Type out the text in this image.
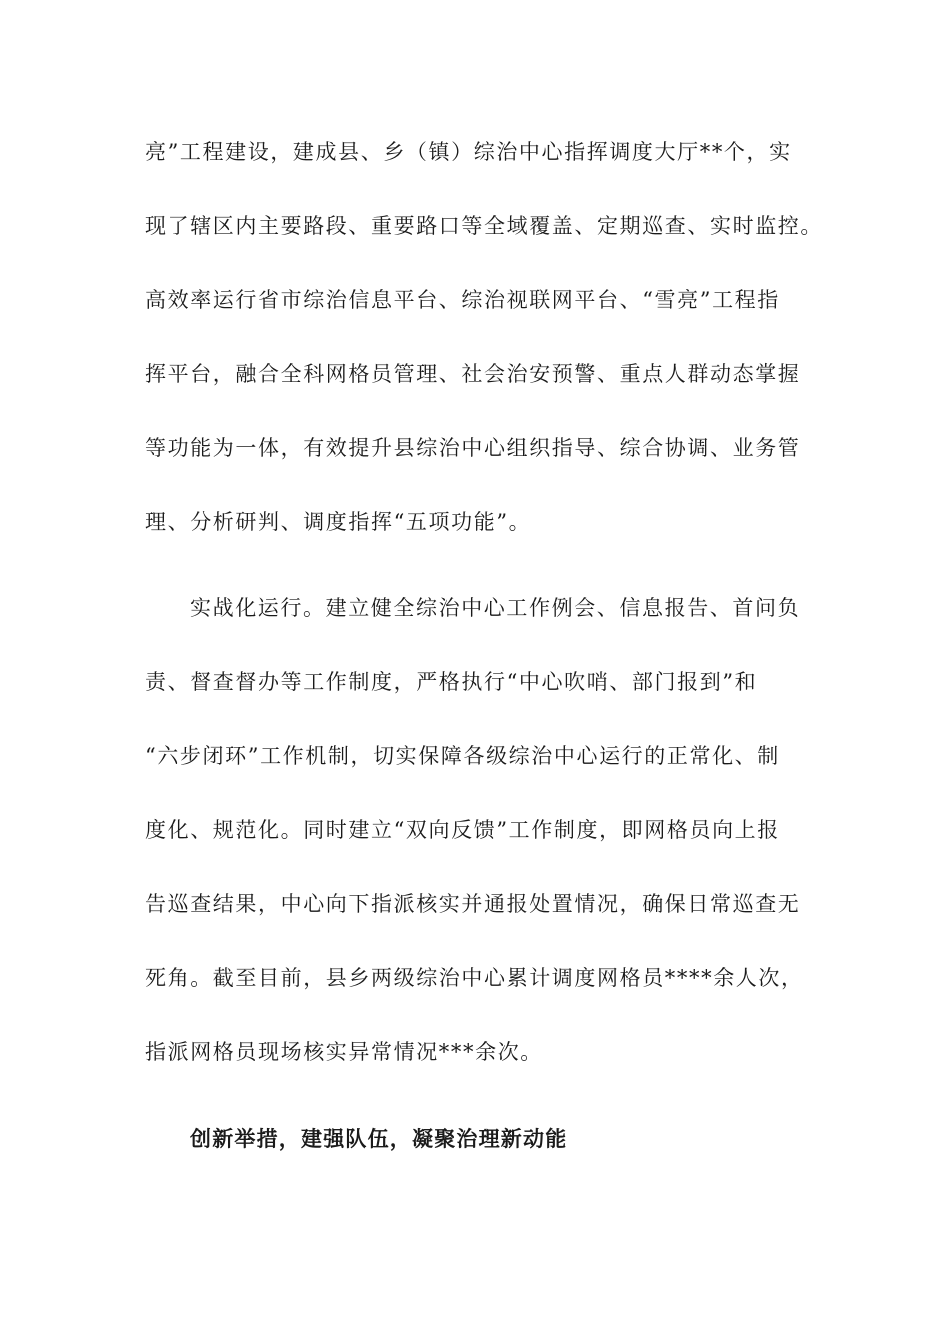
亮”工程建设，建成县、乡（镇）综治中心指挥调度大厅**个，实
现了辖区内主要路段、重要路口等全域覆盖、定期巡查、实时监控。
高效率运行省市综治信息平台、综治视联网平台、“雪亮”工程指
挥平台，融合全科网格员管理、社会治安预警、重点人群动态掌握
等功能为一体，有效提升县综治中心组织指导、综合协调、业务管
理、分析研判、调度指挥“五项功能”。
实战化运行。建立健全综治中心工作例会、信息报告、首问负
责、督查督办等工作制度，严格执行“中心吹哨、部门报到”和
“六步闭环”工作机制，切实保障各级综治中心运行的正常化、制
度化、规范化。同时建立“双向反馈”工作制度，即网格员向上报
告巡查结果，中心向下指派核实并通报处置情况，确保日常巡查无
死角。截至目前，县乡两级综治中心累计调度网格员****余人次，
指派网格员现场核实异常情况***余次。
创新举措，建强队伍，凝聚治理新动能
